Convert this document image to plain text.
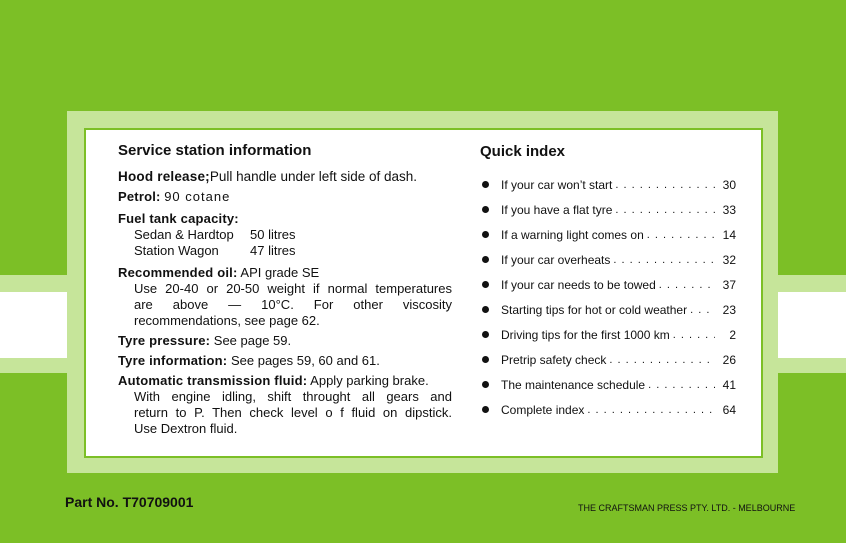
Service station information

Hood release;Pull handle under left side of dash.

Petrol: 90 cotane

Fuel tank capacity:

Sedan & Hardtop	50 litres
Station Wagon	47 litres

Recommended oil: API grade SE

Use 20-40 or 20-50 weight if normal temperatures

are above — 10°C. For other viscosity

recommendations, see page 62.

Tyre pressure: See page 59.

Tyre information: See pages 59, 60 and 61.

Automatic transmission fluid: Apply parking brake.

With engine idling, shift throught all gears and

return to P. Then check level o f fluid on dipstick.

Use Dextron fluid.

Quick index

If your car won’t start . . .	30
If you have a flat tyre . . .	33
If a warning light comes on . . .	14
If your car overheats . . .	32
If your car needs to be towed . . .	37
Starting tips for hot or cold weather . . .	23
Driving tips for the first 1000 km . . .	2
Pretrip safety check . . .	26
The maintenance schedule . . .	41
Complete index . . .	64
Part No. T70709001	THE CRAFTSMAN PRESS PTY. LTD. - MELBOURNE
